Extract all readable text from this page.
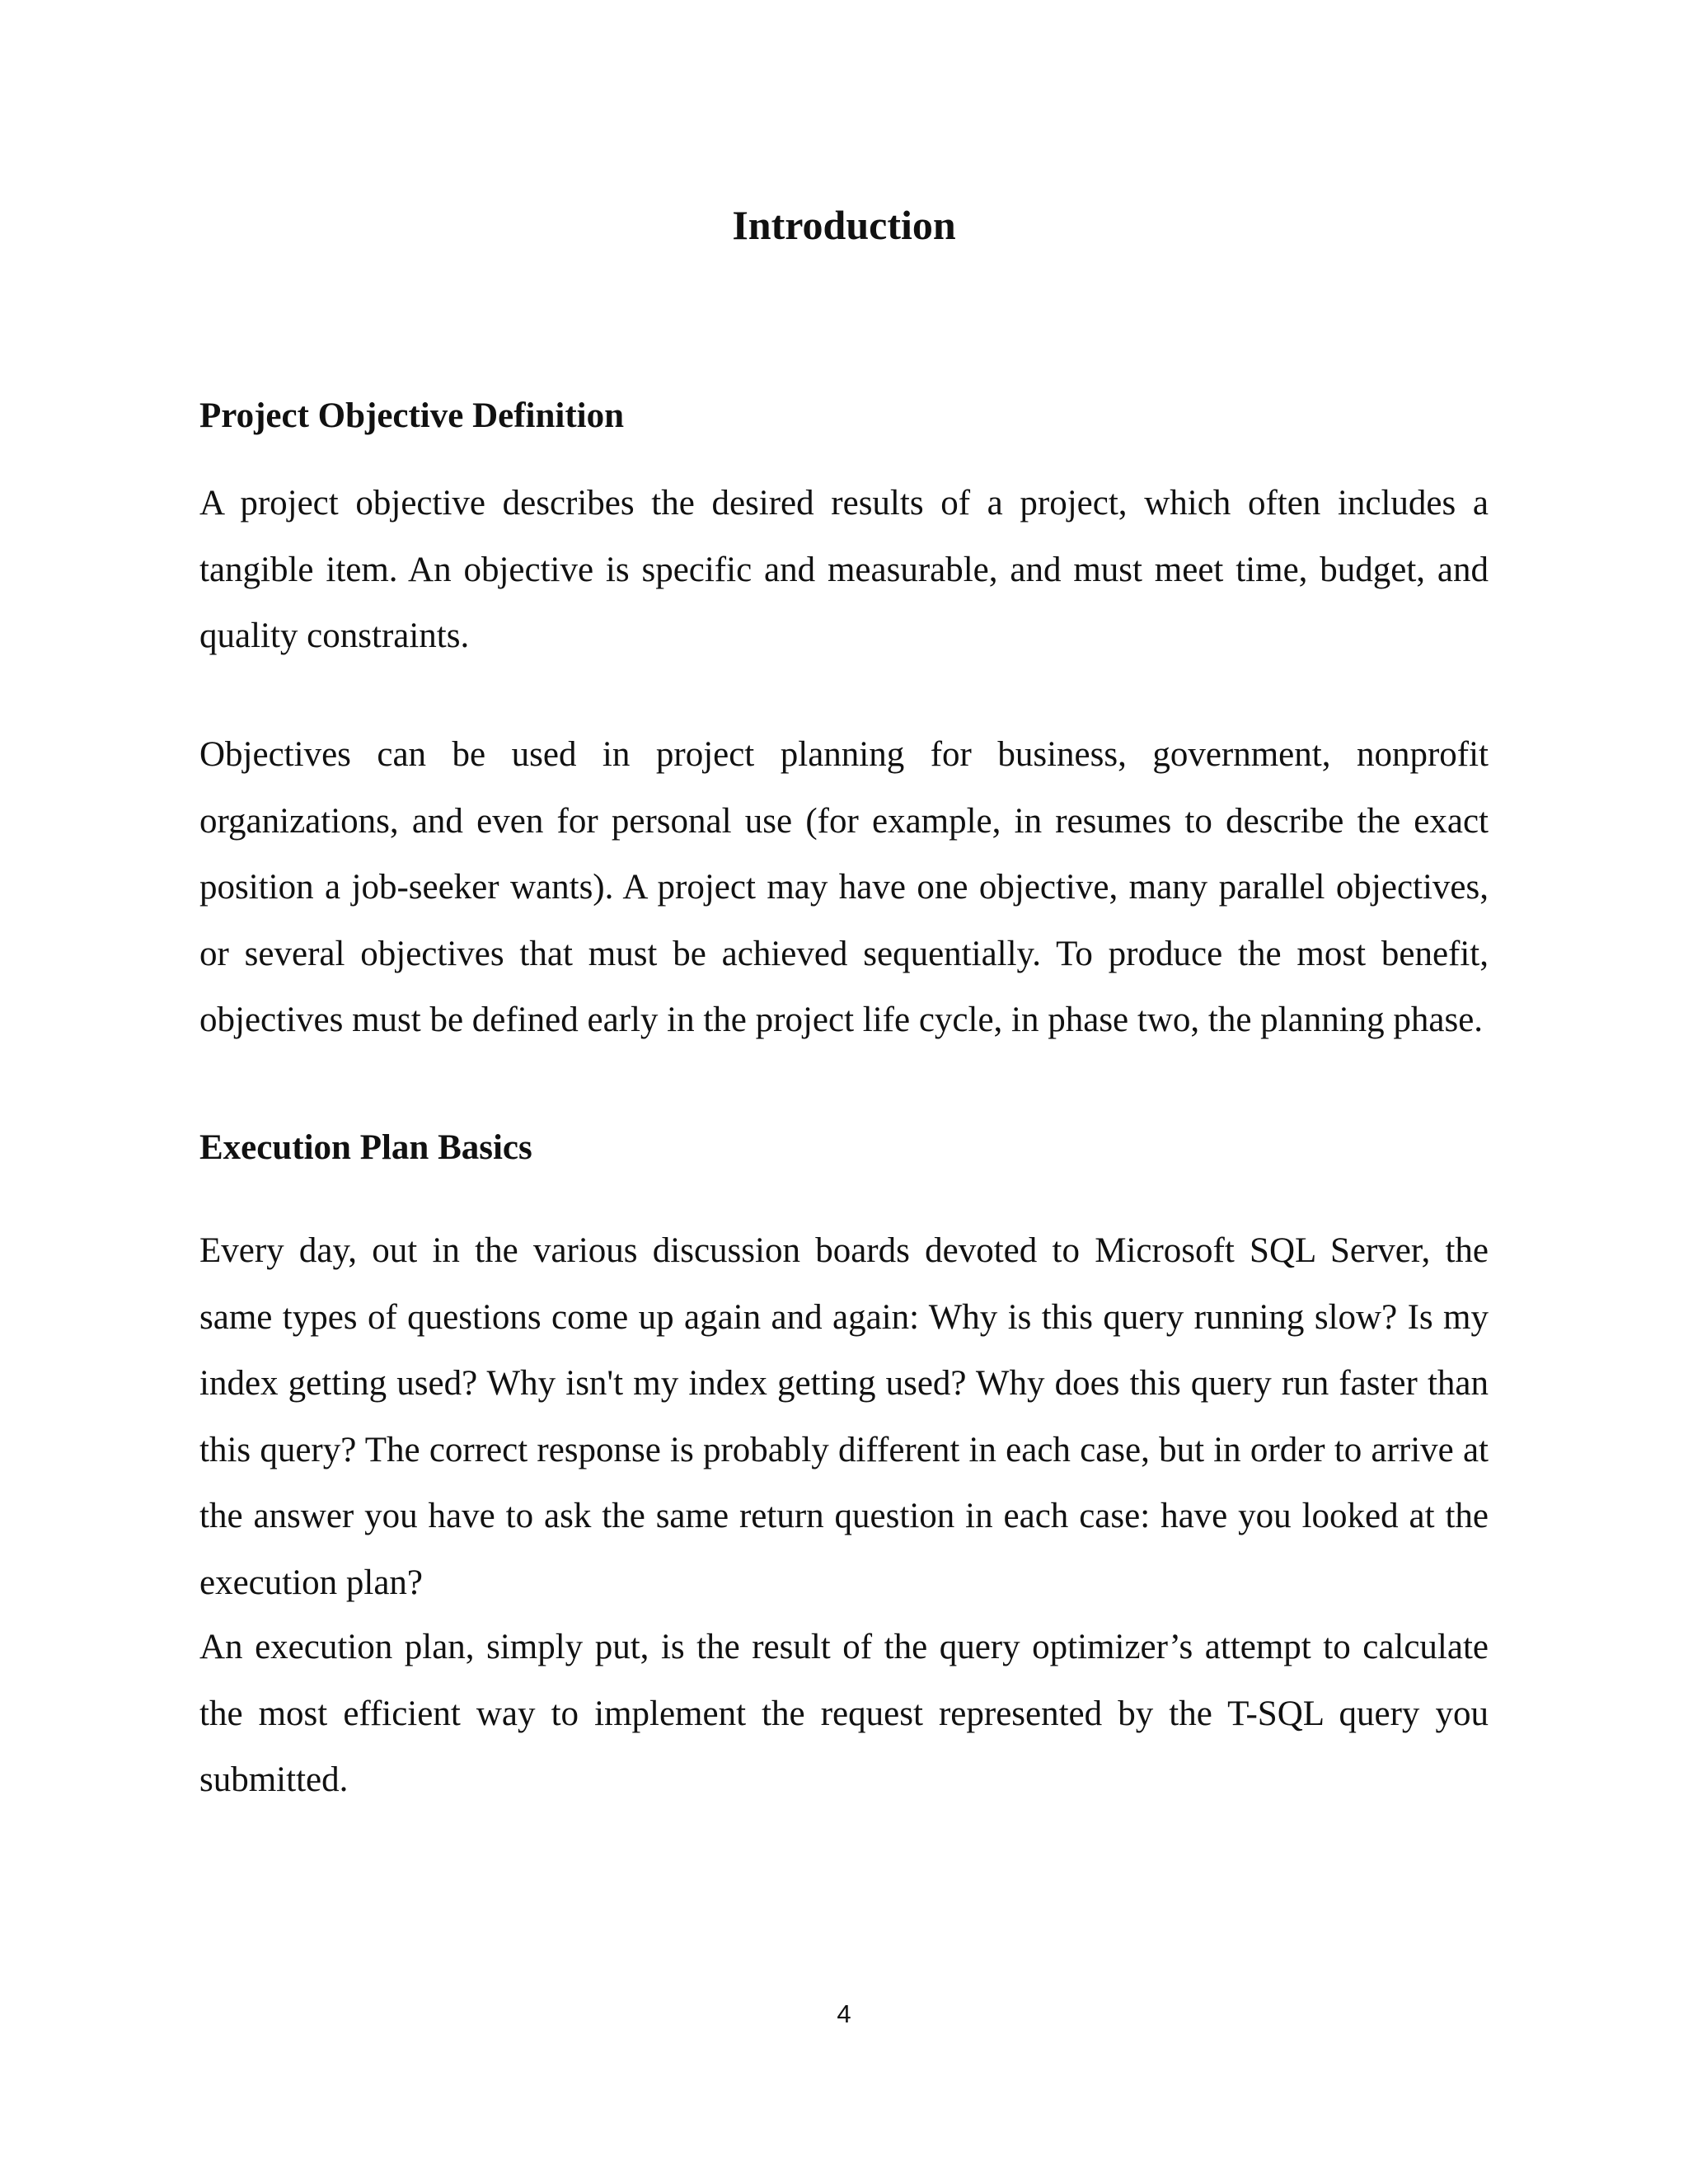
Introduction
Project Objective Definition

A project objective describes the desired results of a project, which often includes a tangible item. An objective is specific and measurable, and must meet time, budget, and quality constraints.

Objectives can be used in project planning for business, government, nonprofit organizations, and even for personal use (for example, in resumes to describe the exact position a job-seeker wants). A project may have one objective, many parallel objectives, or several objectives that must be achieved sequentially. To produce the most benefit, objectives must be defined early in the project life cycle, in phase two, the planning phase.

Execution Plan Basics

Every day, out in the various discussion boards devoted to Microsoft SQL Server, the same types of questions come up again and again: Why is this query running slow? Is my index getting used? Why isn't my index getting used? Why does this query run faster than this query? The correct response is probably different in each case, but in order to arrive at the answer you have to ask the same return question in each case: have you looked at the execution plan?

An execution plan, simply put, is the result of the query optimizer’s attempt to calculate the most efficient way to implement the request represented by the T-SQL query you submitted.

4
